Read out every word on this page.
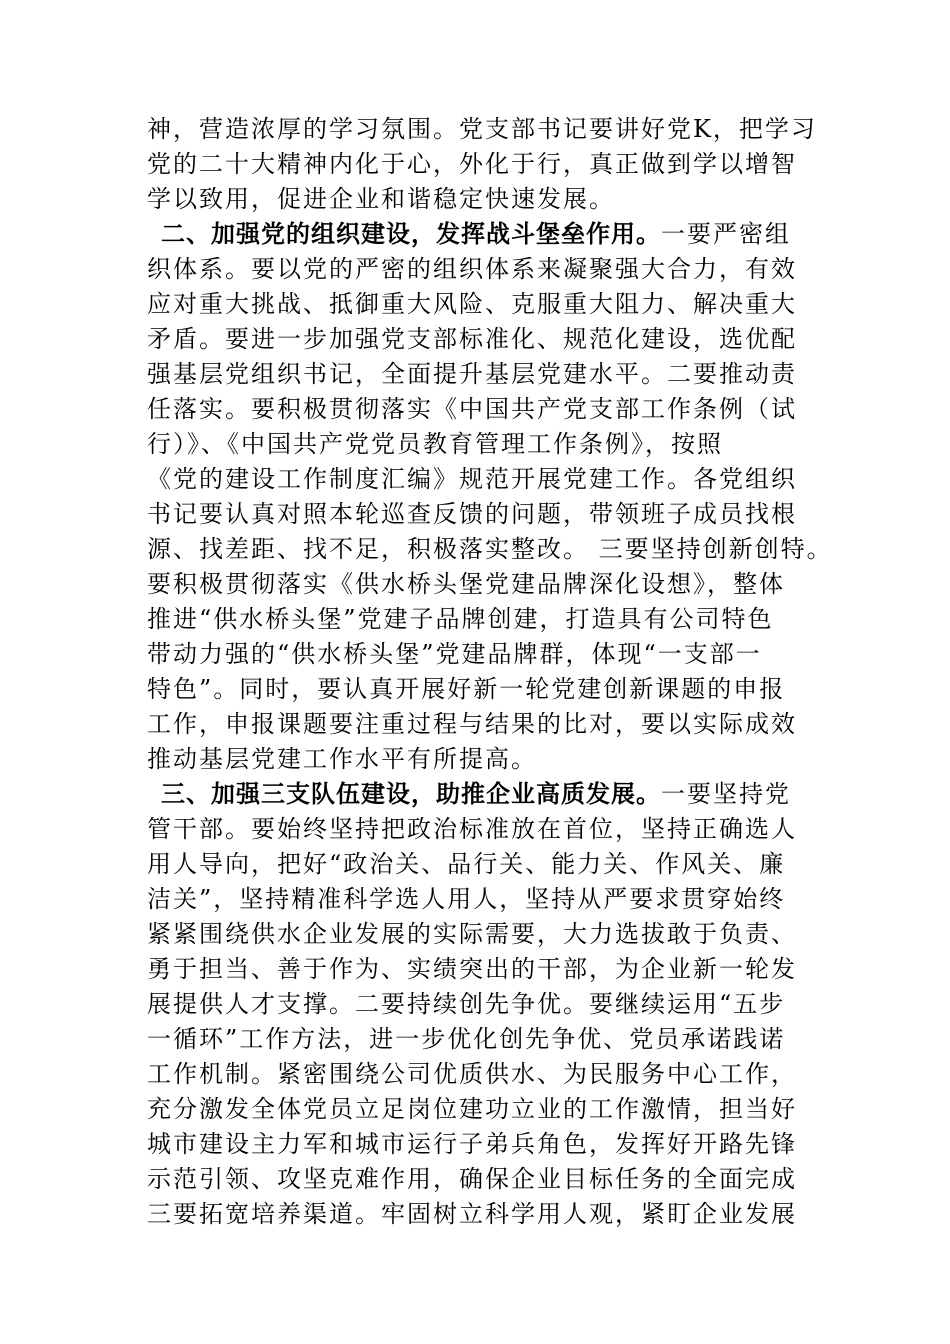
神，营造浓厚的学习氛围。党支部书记要讲好党K，把学习
党的二十大精神内化于心，外化于行，真正做到学以增智
学以致用，促进企业和谐稳定快速发展。
二、加强党的组织建设，发挥战斗堡垒作用。一要严密组
织体系。要以党的严密的组织体系来凝聚强大合力，有效
应对重大挑战、抵御重大风险、克服重大阻力、解决重大
矛盾。要进一步加强党支部标准化、规范化建设，选优配
强基层党组织书记，全面提升基层党建水平。二要推动责
任落实。要积极贯彻落实《中国共产党支部工作条例（试
行）》、《中国共产党党员教育管理工作条例》，按照
《党的建设工作制度汇编》规范开展党建工作。各党组织
书记要认真对照本轮巡查反馈的问题，带领班子成员找根
源、找差距、找不足，积极落实整改。 三要坚持创新创特。
要积极贯彻落实《供水桥头堡党建品牌深化设想》，整体
推进“供水桥头堡”党建子品牌创建，打造具有公司特色
带动力强的“供水桥头堡”党建品牌群，体现“一支部一
特色”。同时，要认真开展好新一轮党建创新课题的申报
工作，申报课题要注重过程与结果的比对，要以实际成效
推动基层党建工作水平有所提高。
三、加强三支队伍建设，助推企业高质发展。一要坚持党
管干部。要始终坚持把政治标准放在首位，坚持正确选人
用人导向，把好“政治关、品行关、能力关、作风关、廉
洁关”，坚持精准科学选人用人，坚持从严要求贯穿始终
紧紧围绕供水企业发展的实际需要，大力选拔敢于负责、
勇于担当、善于作为、实绩突出的干部，为企业新一轮发
展提供人才支撑。二要持续创先争优。要继续运用“五步
一循环”工作方法，进一步优化创先争优、党员承诺践诺
工作机制。紧密围绕公司优质供水、为民服务中心工作，
充分激发全体党员立足岗位建功立业的工作激情，担当好
城市建设主力军和城市运行子弟兵角色，发挥好开路先锋
示范引领、攻坚克难作用，确保企业目标任务的全面完成
三要拓宽培养渠道。牢固树立科学用人观，紧盯企业发展
